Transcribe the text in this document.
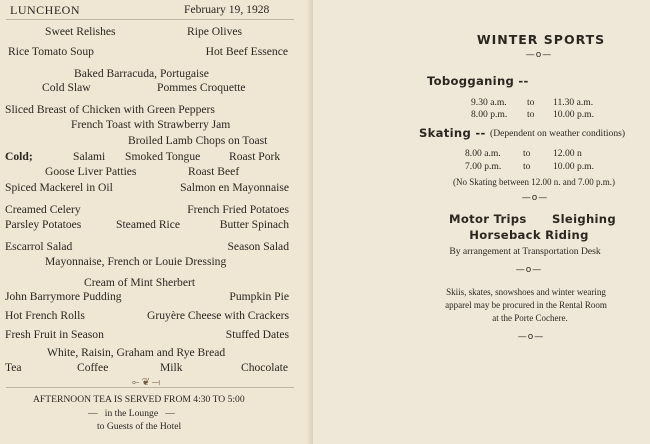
LUNCHEON	February 19, 1928
Sweet Relishes	Ripe Olives
Rice Tomato Soup	Hot Beef Essence
Baked Barracuda, Portugaise
Cold Slaw	Pommes Croquette
Sliced Breast of Chicken with Green Peppers
French Toast with Strawberry Jam
Broiled Lamb Chops on Toast
Cold;	Salami Smoked Tongue Roast Pork
Goose Liver Patties	Roast Beef
Spiced Mackerel in Oil	Salmon en Mayonnaise
Creamed Celery	French Fried Potatoes
Parsley Potatoes	Steamed Rice	Butter Spinach
Escarrol Salad	Season Salad
Mayonnaise, French or Louie Dressing
Cream of Mint Sherbert
John Barrymore Pudding	Pumpkin Pie
Hot French Rolls	Gruyère Cheese with Crackers
Fresh Fruit in Season	Stuffed Dates
White, Raisin, Graham and Rye Bread
Tea	Coffee	Milk	Chocolate
⟜ ❦ ⟞
AFTERNOON TEA IS SERVED FROM 4:30 TO 5:00
—   in the Lounge   —
to Guests of the Hotel
WINTER SPORTS
—o—
Tobogganing --
9.30 a.m. to 11.30 a.m.
8.00 p.m. to 10.00 p.m.
Skating -- (Dependent on weather conditions)
8.00 a.m. to 12.00 n
7.00 p.m. to 10.00 p.m.
(No Skating between 12.00 n. and 7.00 p.m.)
—o—
Motor Trips Sleighing
Horseback Riding
By arrangement at Transportation Desk
—o—
Skiis, skates, snowshoes and winter wearing
apparel may be procured in the Rental Room
at the Porte Cochere.
—o—
